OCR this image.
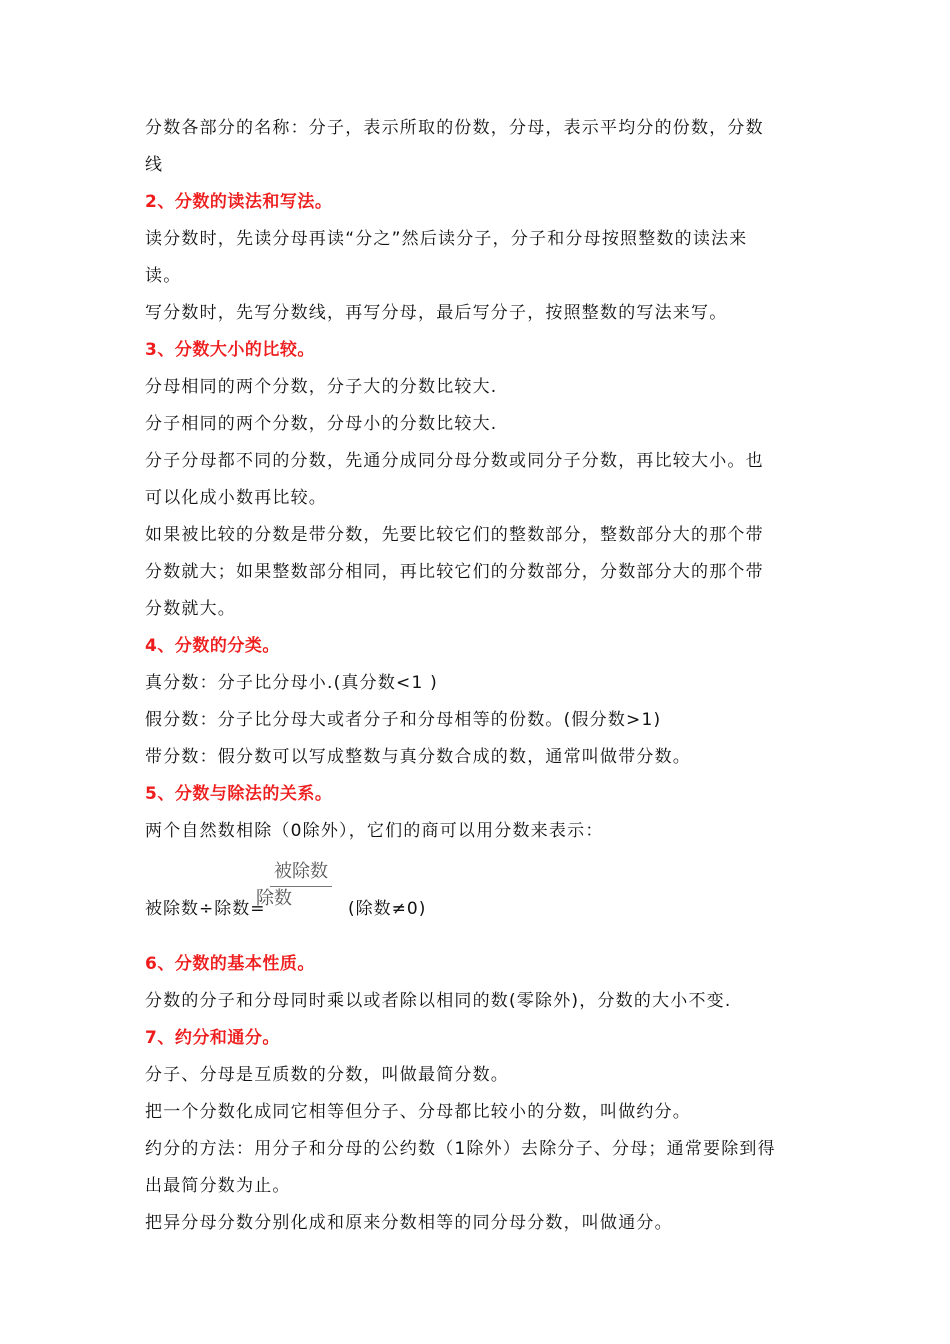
分数各部分的名称：分子，表示所取的份数，分母，表示平均分的份数，分数
线
2、分数的读法和写法。
读分数时，先读分母再读“分之”然后读分子，分子和分母按照整数的读法来
读。
写分数时，先写分数线，再写分母，最后写分子，按照整数的写法来写。
3、分数大小的比较。
分母相同的两个分数，分子大的分数比较大.
分子相同的两个分数，分母小的分数比较大.
分子分母都不同的分数，先通分成同分母分数或同分子分数，再比较大小。也
可以化成小数再比较。
如果被比较的分数是带分数，先要比较它们的整数部分，整数部分大的那个带
分数就大；如果整数部分相同，再比较它们的分数部分，分数部分大的那个带
分数就大。
4、分数的分类。
真分数：分子比分母小.(真分数<1 )
假分数：分子比分母大或者分子和分母相等的份数。(假分数>1)
带分数：假分数可以写成整数与真分数合成的数，通常叫做带分数。
5、分数与除法的关系。
两个自然数相除（0除外），它们的商可以用分数来表示：
被除数÷除数=
被除数
除数	(除数≠0)
6、分数的基本性质。
分数的分子和分母同时乘以或者除以相同的数(零除外)，分数的大小不变.
7、约分和通分。
分子、分母是互质数的分数，叫做最简分数。
把一个分数化成同它相等但分子、分母都比较小的分数，叫做约分。
约分的方法：用分子和分母的公约数（1除外）去除分子、分母；通常要除到得
出最简分数为止。
把异分母分数分别化成和原来分数相等的同分母分数，叫做通分。
